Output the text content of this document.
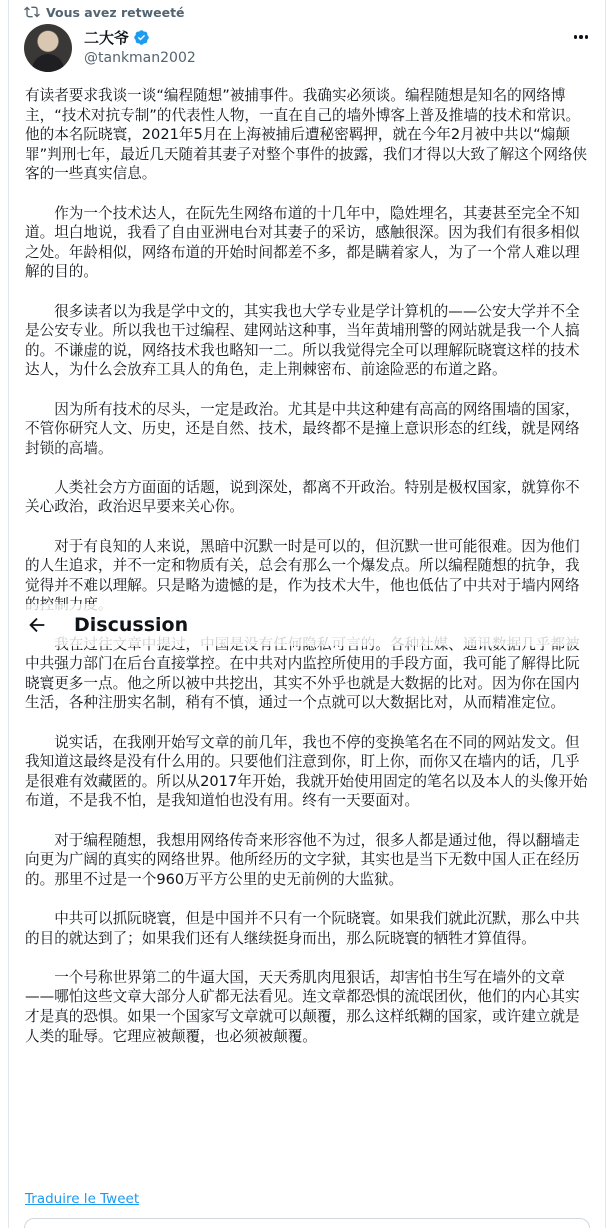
Vous avez retweeté
二大爷
@tankman2002

有读者要求我谈一谈“编程随想”被捕事件。我确实必须谈。编程随想是知名的网络博主，“技术对抗专制”的代表性人物，一直在自己的墙外博客上普及推墙的技术和常识。他的本名阮晓寰，2021年5月在上海被捕后遭秘密羁押，就在今年2月被中共以“煽颠罪”判刑七年，最近几天随着其妻子对整个事件的披露，我们才得以大致了解这个网络侠客的一些真实信息。

作为一个技术达人，在阮先生网络布道的十几年中，隐姓埋名，其妻甚至完全不知道。坦白地说，我看了自由亚洲电台对其妻子的采访，感触很深。因为我们有很多相似之处。年龄相似，网络布道的开始时间都差不多，都是瞒着家人，为了一个常人难以理解的目的。

很多读者以为我是学中文的，其实我也大学专业是学计算机的——公安大学并不全是公安专业。所以我也干过编程、建网站这种事，当年黄埔刑警的网站就是我一个人搞的。不谦虚的说，网络技术我也略知一二。所以我觉得完全可以理解阮晓寰这样的技术达人，为什么会放弃工具人的角色，走上荆棘密布、前途险恶的布道之路。

因为所有技术的尽头，一定是政治。尤其是中共这种建有高高的网络围墙的国家，不管你研究人文、历史，还是自然、技术，最终都不是撞上意识形态的红线，就是网络封锁的高墙。

人类社会方方面面的话题，说到深处，都离不开政治。特别是极权国家，就算你不关心政治，政治迟早要来关心你。

对于有良知的人来说，黑暗中沉默一时是可以的，但沉默一世可能很难。因为他们的人生追求，并不一定和物质有关，总会有那么一个爆发点。所以编程随想的抗争，我觉得并不难以理解。只是略为遗憾的是，作为技术大牛，他也低估了中共对于墙内网络

中共强力部门在后台直接掌控。在中共对内监控所使用的手段方面，我可能了解得比阮晓寰更多一点。他之所以被中共挖出，其实不外乎也就是大数据的比对。因为你在国内生活，各种注册实名制，稍有不慎，通过一个点就可以大数据比对，从而精准定位。

说实话，在我刚开始写文章的前几年，我也不停的变换笔名在不同的网站发文。但我知道这最终是没有什么用的。只要他们注意到你，盯上你，而你又在墙内的话，几乎是很难有效藏匿的。所以从2017年开始，我就开始使用固定的笔名以及本人的头像开始布道，不是我不怕，是我知道怕也没有用。终有一天要面对。

对于编程随想，我想用网络传奇来形容他不为过，很多人都是通过他，得以翻墙走向更为广阔的真实的网络世界。他所经历的文字狱，其实也是当下无数中国人正在经历的。那里不过是一个960万平方公里的史无前例的大监狱。

中共可以抓阮晓寰，但是中国并不只有一个阮晓寰。如果我们就此沉默，那么中共的目的就达到了；如果我们还有人继续挺身而出，那么阮晓寰的牺牲才算值得。

一个号称世界第二的牛逼大国，天天秀肌肉甩狠话，却害怕书生写在墙外的文章——哪怕这些文章大部分人矿都无法看见。连文章都恐惧的流氓团伙，他们的内心其实才是真的恐惧。如果一个国家写文章就可以颠覆，那么这样纸糊的国家，或许建立就是人类的耻辱。它理应被颠覆，也必须被颠覆。

Discussion
Traduire le Tweet
